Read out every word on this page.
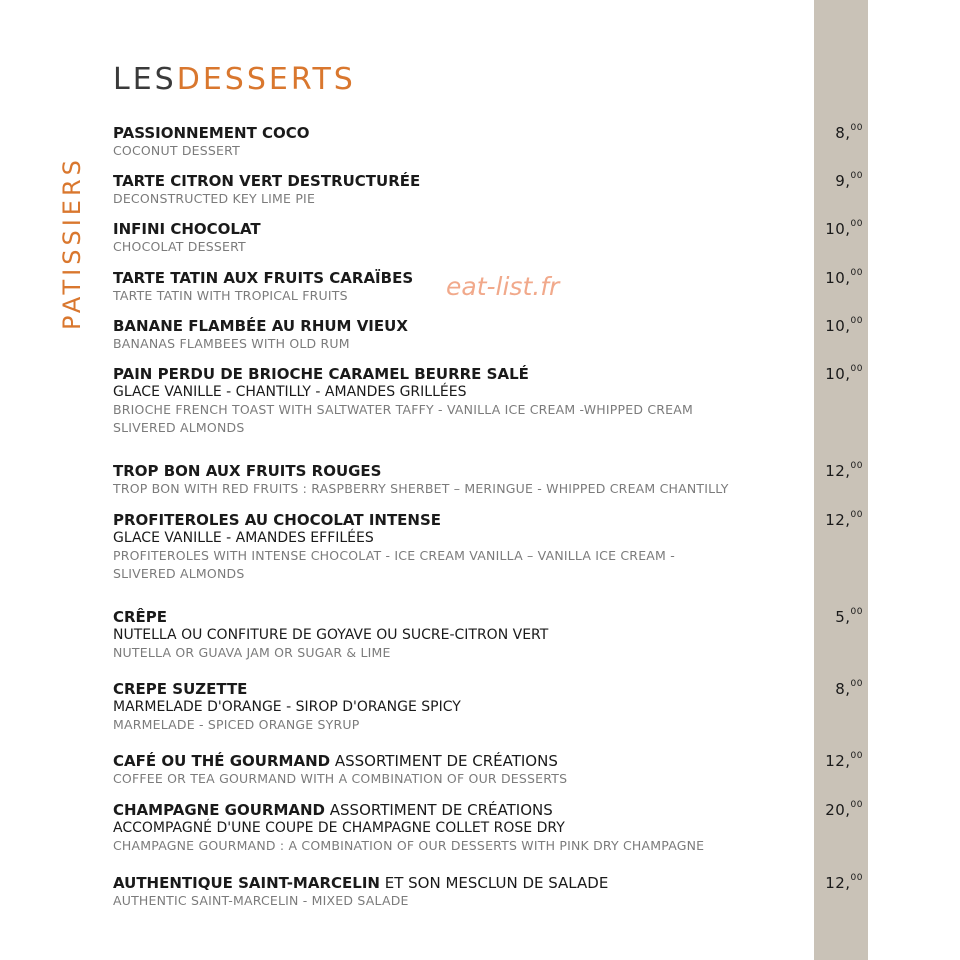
LESDESSERTS
PATISSIERS	eat-list.fr
PASSIONNEMENT COCO
COCONUT DESSERT
8,00
TARTE CITRON VERT DESTRUCTURÉE
DECONSTRUCTED KEY LIME PIE
9,00
INFINI CHOCOLAT
CHOCOLAT DESSERT
10,00
TARTE TATIN AUX FRUITS CARAÏBES
TARTE TATIN WITH TROPICAL FRUITS
10,00
BANANE FLAMBÉE AU RHUM VIEUX
BANANAS FLAMBEES WITH OLD RUM
10,00
PAIN PERDU DE BRIOCHE CARAMEL BEURRE SALÉ
GLACE VANILLE - CHANTILLY - AMANDES GRILLÉES
BRIOCHE FRENCH TOAST WITH SALTWATER TAFFY - VANILLA ICE CREAM -WHIPPED CREAM
SLIVERED ALMONDS
10,00
TROP BON AUX FRUITS ROUGES
TROP BON WITH RED FRUITS : RASPBERRY SHERBET – MERINGUE - WHIPPED CREAM CHANTILLY
12,00
PROFITEROLES AU CHOCOLAT INTENSE
GLACE VANILLE - AMANDES EFFILÉES
PROFITEROLES WITH INTENSE CHOCOLAT - ICE CREAM VANILLA – VANILLA ICE CREAM -
SLIVERED ALMONDS
12,00
CRÊPE
NUTELLA OU CONFITURE DE GOYAVE OU SUCRE-CITRON VERT
NUTELLA OR GUAVA JAM OR SUGAR & LIME
5,00
CREPE SUZETTE
MARMELADE D'ORANGE - SIROP D'ORANGE SPICY
MARMELADE - SPICED ORANGE SYRUP
8,00
CAFÉ OU THÉ GOURMAND ASSORTIMENT DE CRÉATIONS
COFFEE OR TEA GOURMAND WITH A COMBINATION OF OUR DESSERTS
12,00
CHAMPAGNE GOURMAND ASSORTIMENT DE CRÉATIONS
ACCOMPAGNÉ D'UNE COUPE DE CHAMPAGNE COLLET ROSE DRY
CHAMPAGNE GOURMAND : A COMBINATION OF OUR DESSERTS WITH PINK DRY CHAMPAGNE
20,00
AUTHENTIQUE SAINT-MARCELIN ET SON MESCLUN DE SALADE
AUTHENTIC SAINT-MARCELIN - MIXED SALADE
12,00
